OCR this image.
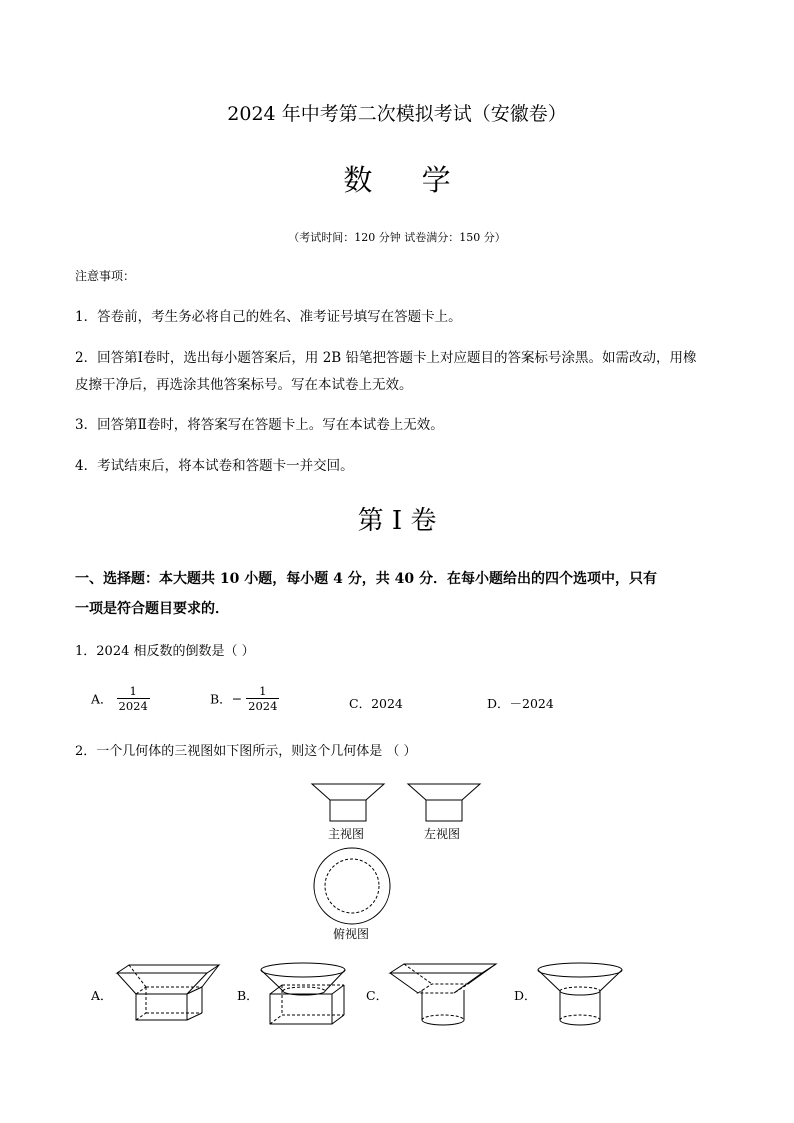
2024 年中考第二次模拟考试（安徽卷）
数 学
（考试时间：120 分钟 试卷满分：150 分）
注意事项：
1．答卷前，考生务必将自己的姓名、准考证号填写在答题卡上。
2．回答第Ⅰ卷时，选出每小题答案后，用 2B 铅笔把答题卡上对应题目的答案标号涂黑。如需改动，用橡
皮擦干净后，再选涂其他答案标号。写在本试卷上无效。
3．回答第Ⅱ卷时，将答案写在答题卡上。写在本试卷上无效。
4．考试结束后，将本试卷和答题卡一并交回。
第 I 卷
一、选择题：本大题共 10 小题，每小题 4 分，共 40 分．在每小题给出的四个选项中，只有
一项是符合题目要求的．
1．2024 相反数的倒数是（ ）
A． $\frac{1}{2024}$	B．− $\frac{1}{2024}$	C．2024	D．－2024
2．一个几何体的三视图如下图所示，则这个几何体是 （ ）
主视图	左视图
俯视图
A．	B．	C．	D．
